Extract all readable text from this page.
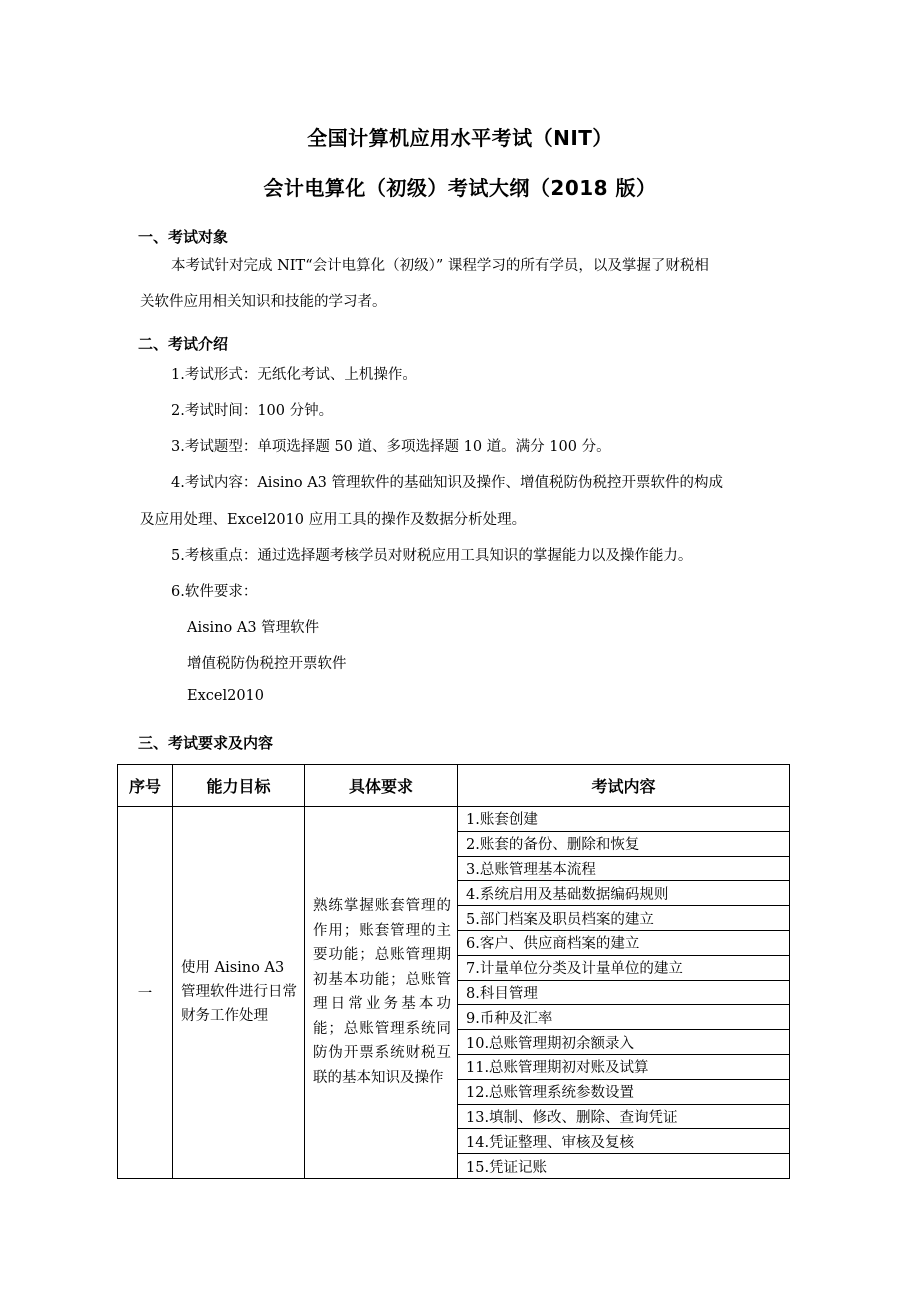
全国计算机应用水平考试（NIT）
会计电算化（初级）考试大纲（2018 版）
一、考试对象
本考试针对完成 NIT“会计电算化（初级）” 课程学习的所有学员，以及掌握了财税相
关软件应用相关知识和技能的学习者。
二、考试介绍
1.考试形式：无纸化考试、上机操作。
2.考试时间：100 分钟。
3.考试题型：单项选择题 50 道、多项选择题 10 道。满分 100 分。
4.考试内容：Aisino A3 管理软件的基础知识及操作、增值税防伪税控开票软件的构成
及应用处理、Excel2010 应用工具的操作及数据分析处理。
5.考核重点：通过选择题考核学员对财税应用工具知识的掌握能力以及操作能力。
6.软件要求：
Aisino A3 管理软件
增值税防伪税控开票软件
Excel2010
三、考试要求及内容
序号	能力目标	具体要求	考试内容
一	使用 Aisino A3 管理软件进行日常财务工作处理	熟练掌握账套管理的作用；账套管理的主要功能；总账管理期初基本功能；总账管理日常业务基本功能；总账管理系统同防伪开票系统财税互联的基本知识及操作	1.账套创建
			2.账套的备份、删除和恢复
			3.总账管理基本流程
			4.系统启用及基础数据编码规则
			5.部门档案及职员档案的建立
			6.客户、供应商档案的建立
			7.计量单位分类及计量单位的建立
			8.科目管理
			9.币种及汇率
			10.总账管理期初余额录入
			11.总账管理期初对账及试算
			12.总账管理系统参数设置
			13.填制、修改、删除、查询凭证
			14.凭证整理、审核及复核
			15.凭证记账
